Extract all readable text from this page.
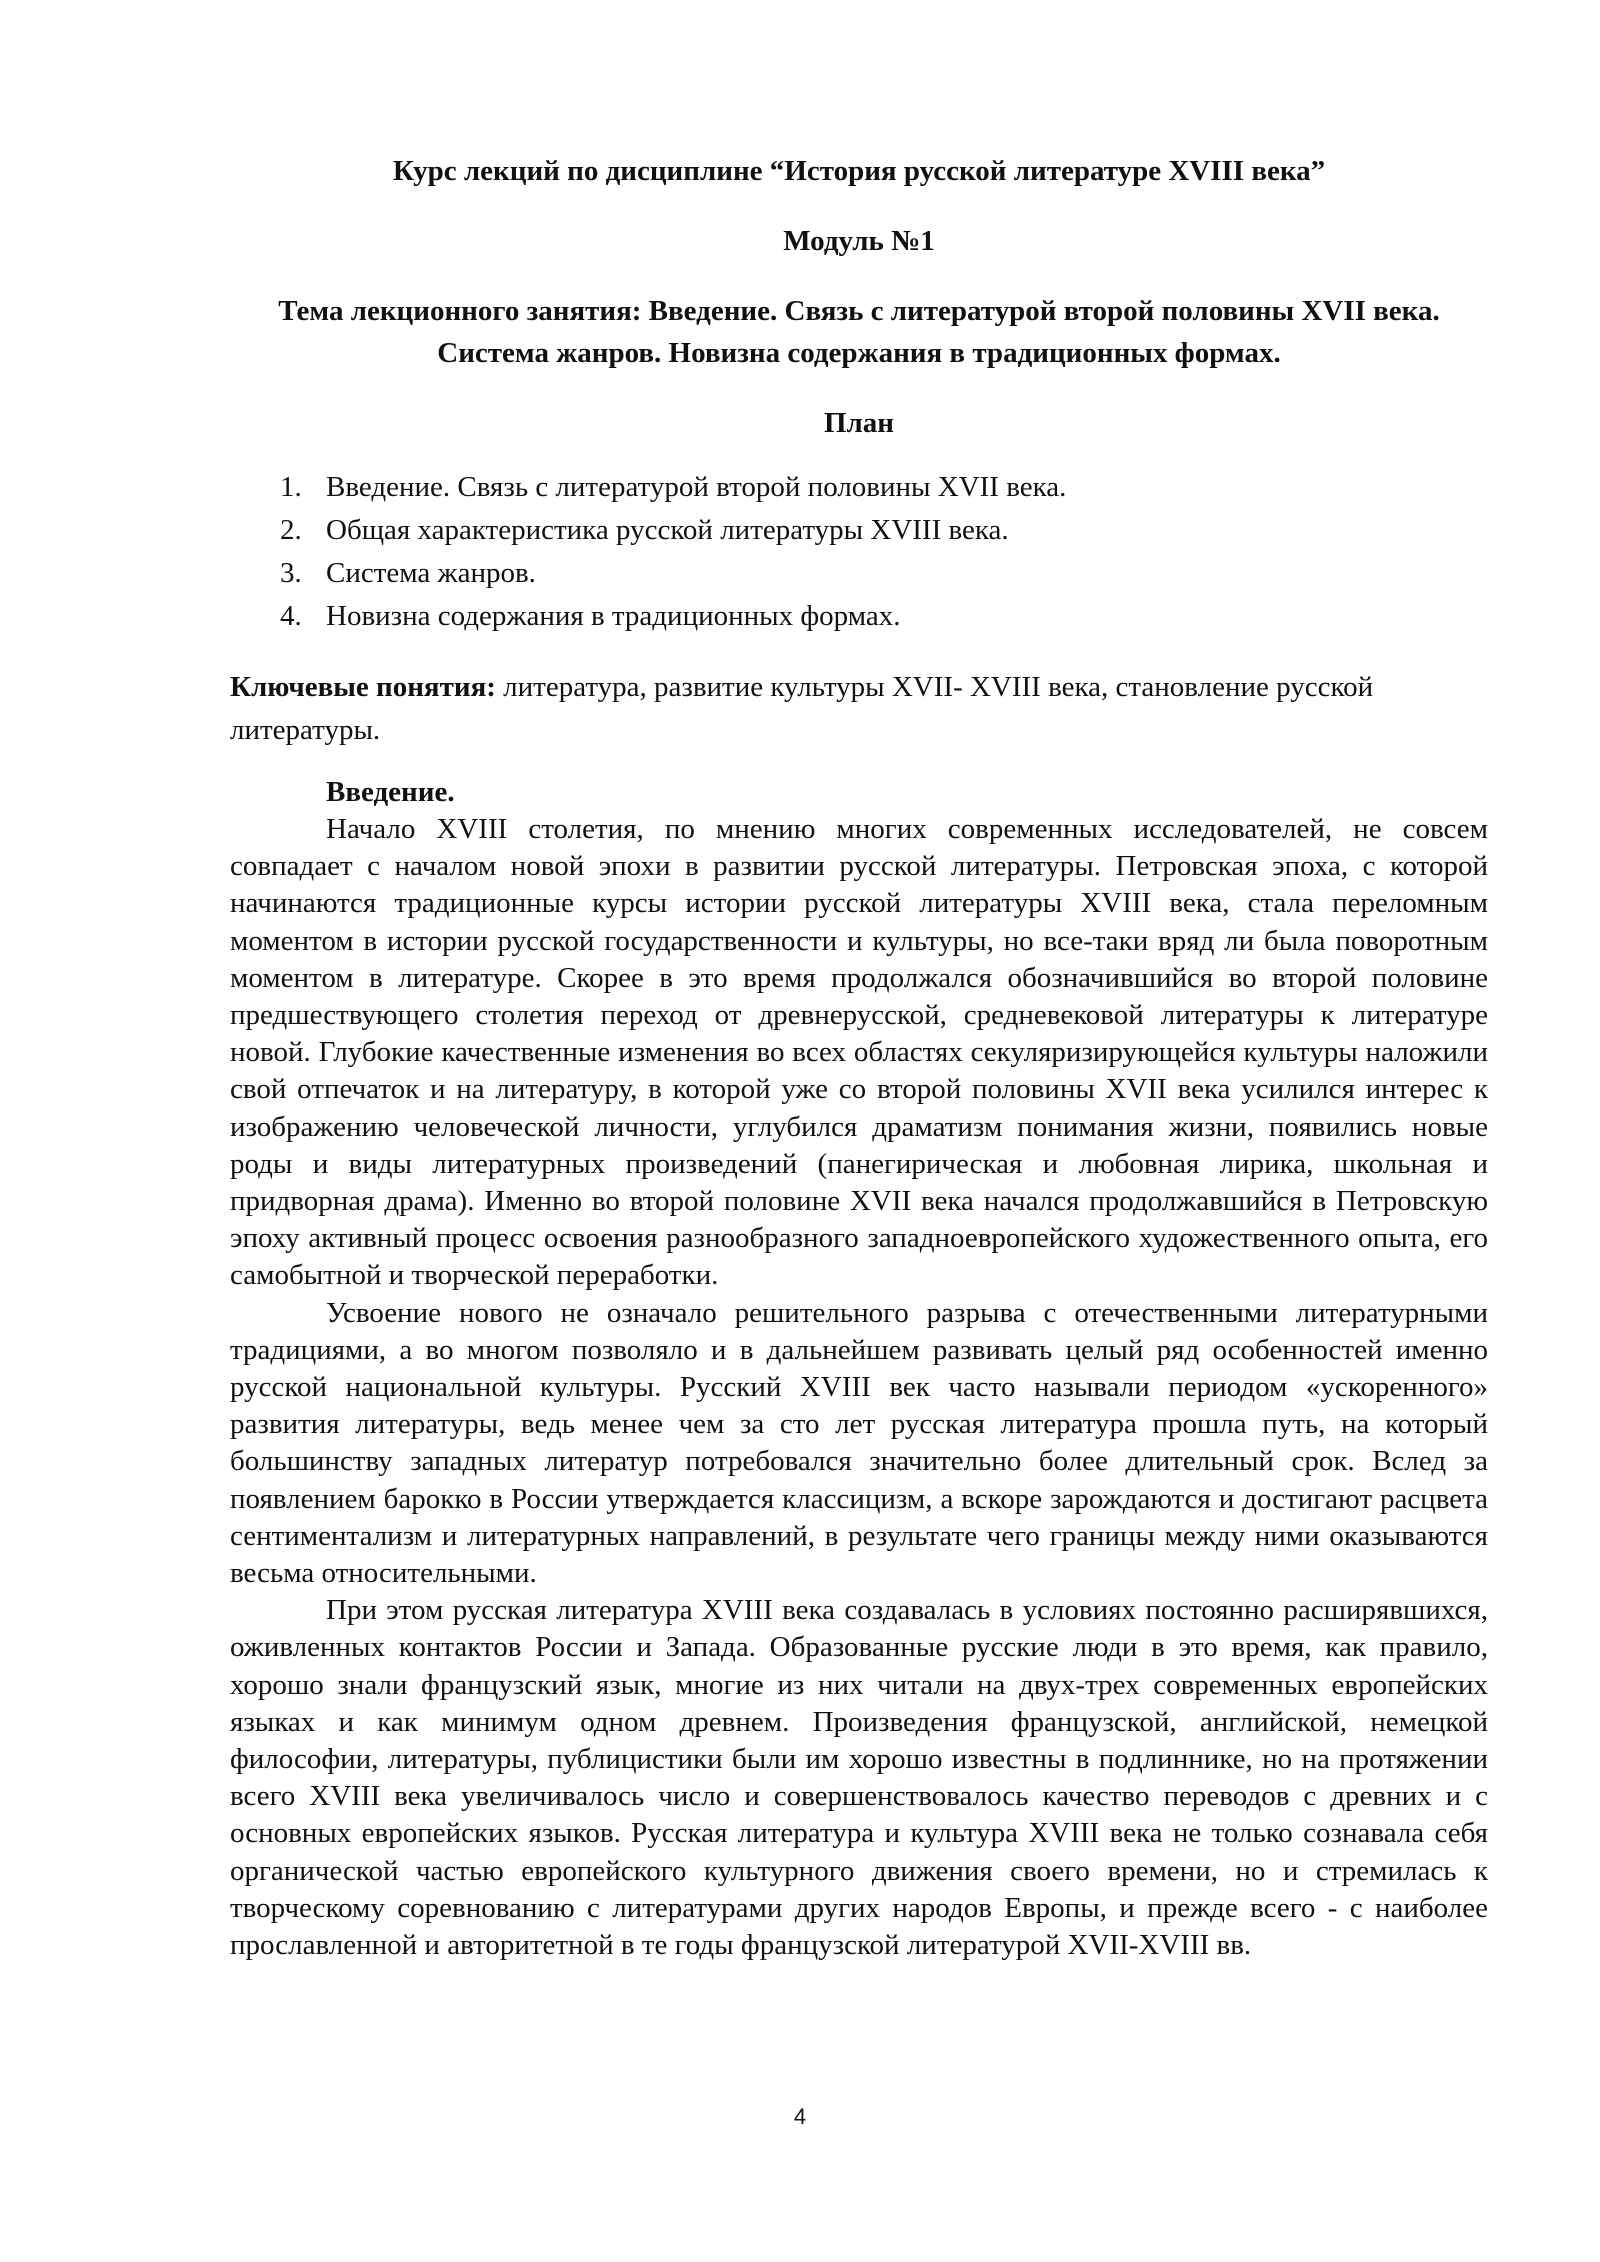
Курс лекций по дисциплине “История русской литературе XVIII века”

Модуль №1

Тема лекционного занятия: Введение. Связь с литературой второй половины XVII века. Система жанров. Новизна содержания в традиционных формах.

План

1. Введение. Связь с литературой второй половины XVII века.
2. Общая характеристика русской литературы XVIII века.
3. Система жанров.
4. Новизна содержания в традиционных формах.

Ключевые понятия: литература, развитие культуры XVII- XVIII века, становление русской литературы.

Введение.

Начало XVIII столетия, по мнению многих современных исследователей, не совсем совпадает с началом новой эпохи в развитии русской литературы. Петровская эпоха, с которой начинаются традиционные курсы истории русской литературы XVIII века, стала переломным моментом в истории русской государственности и культуры, но все-таки вряд ли была поворотным моментом в литературе. Скорее в это время продолжался обозначившийся во второй половине предшествующего столетия переход от древнерусской, средневековой литературы к литературе новой. Глубокие качественные изменения во всех областях секуляризирующейся культуры наложили свой отпечаток и на литературу, в которой уже со второй половины XVII века усилился интерес к изображению человеческой личности, углубился драматизм понимания жизни, появились новые роды и виды литературных произведений (панегирическая и любовная лирика, школьная и придворная драма). Именно во второй половине XVII века начался продолжавшийся в Петровскую эпоху активный процесс освоения разнообразного западноевропейского художественного опыта, его самобытной и творческой переработки.

Усвоение нового не означало решительного разрыва с отечественными литературными традициями, а во многом позволяло и в дальнейшем развивать целый ряд особенностей именно русской национальной культуры. Русский XVIII век часто называли периодом «ускоренного» развития литературы, ведь менее чем за сто лет русская литература прошла путь, на который большинству западных литератур потребовался значительно более длительный срок. Вслед за появлением барокко в России утверждается классицизм, а вскоре зарождаются и достигают расцвета сентиментализм и литературных направлений, в результате чего границы между ними оказываются весьма относительными.

При этом русская литература XVIII века создавалась в условиях постоянно расширявшихся, оживленных контактов России и Запада. Образованные русские люди в это время, как правило, хорошо знали французский язык, многие из них читали на двух-трех современных европейских языках и как минимум одном древнем. Произведения французской, английской, немецкой философии, литературы, публицистики были им хорошо известны в подлиннике, но на протяжении всего XVIII века увеличивалось число и совершенствовалось качество переводов с древних и с основных европейских языков. Русская литература и культура XVIII века не только сознавала себя органической частью европейского культурного движения своего времени, но и стремилась к творческому соревнованию с литературами других народов Европы, и прежде всего - с наиболее прославленной и авторитетной в те годы французской литературой XVII-XVIII вв.

4
